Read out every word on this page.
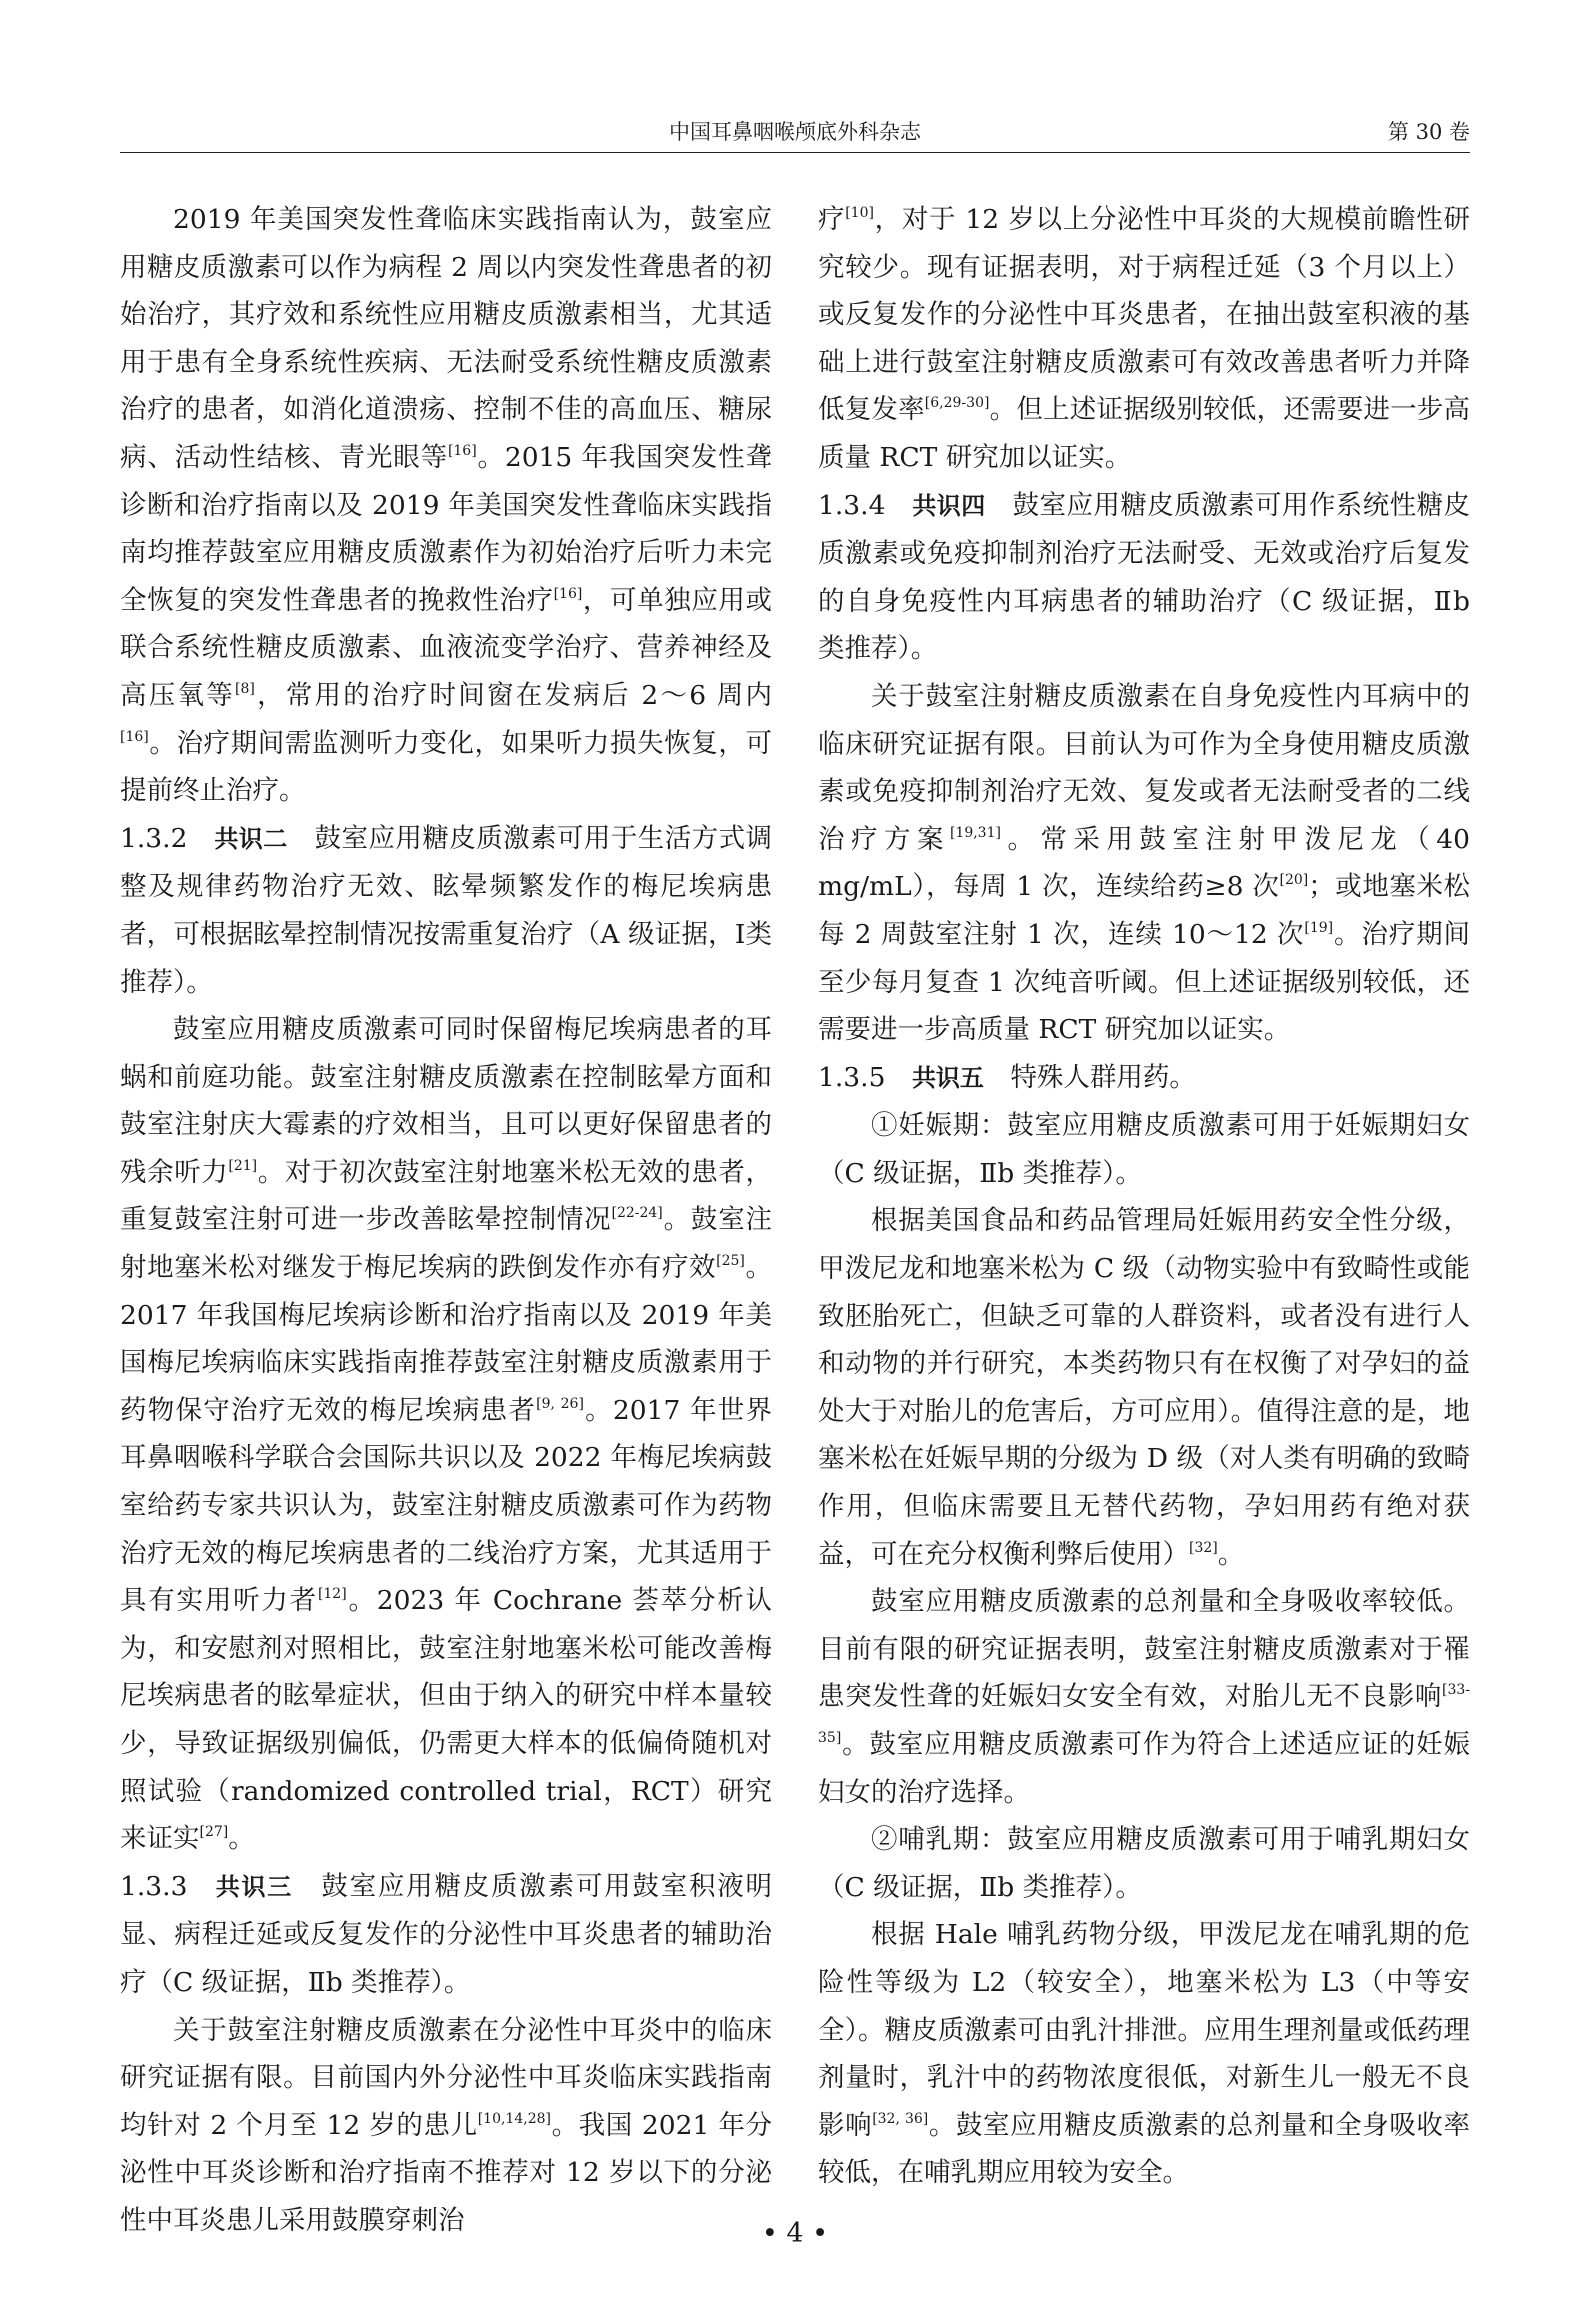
中国耳鼻咽喉颅底外科杂志	第 30 卷

2019 年美国突发性聋临床实践指南认为，鼓室应用糖皮质激素可以作为病程 2 周以内突发性聋患者的初始治疗，其疗效和系统性应用糖皮质激素相当，尤其适用于患有全身系统性疾病、无法耐受系统性糖皮质激素治疗的患者，如消化道溃疡、控制不佳的高血压、糖尿病、活动性结核、青光眼等[16]。2015 年我国突发性聋诊断和治疗指南以及 2019 年美国突发性聋临床实践指南均推荐鼓室应用糖皮质激素作为初始治疗后听力未完全恢复的突发性聋患者的挽救性治疗[16]，可单独应用或联合系统性糖皮质激素、血液流变学治疗、营养神经及高压氧等[8]，常用的治疗时间窗在发病后 2～6 周内[16]。治疗期间需监测听力变化，如果听力损失恢复，可提前终止治疗。

1.3.2  共识二  鼓室应用糖皮质激素可用于生活方式调整及规律药物治疗无效、眩晕频繁发作的梅尼埃病患者，可根据眩晕控制情况按需重复治疗（A 级证据，Ⅰ类推荐）。

鼓室应用糖皮质激素可同时保留梅尼埃病患者的耳蜗和前庭功能。鼓室注射糖皮质激素在控制眩晕方面和鼓室注射庆大霉素的疗效相当，且可以更好保留患者的残余听力[21]。对于初次鼓室注射地塞米松无效的患者，重复鼓室注射可进一步改善眩晕控制情况[22-24]。鼓室注射地塞米松对继发于梅尼埃病的跌倒发作亦有疗效[25]。2017 年我国梅尼埃病诊断和治疗指南以及 2019 年美国梅尼埃病临床实践指南推荐鼓室注射糖皮质激素用于药物保守治疗无效的梅尼埃病患者[9, 26]。2017 年世界耳鼻咽喉科学联合会国际共识以及 2022 年梅尼埃病鼓室给药专家共识认为，鼓室注射糖皮质激素可作为药物治疗无效的梅尼埃病患者的二线治疗方案，尤其适用于具有实用听力者[12]。2023 年 Cochrane 荟萃分析认为，和安慰剂对照相比，鼓室注射地塞米松可能改善梅尼埃病患者的眩晕症状，但由于纳入的研究中样本量较少，导致证据级别偏低，仍需更大样本的低偏倚随机对照试验（randomized controlled trial，RCT）研究来证实[27]。

1.3.3  共识三  鼓室应用糖皮质激素可用鼓室积液明显、病程迁延或反复发作的分泌性中耳炎患者的辅助治疗（C 级证据，Ⅱb 类推荐）。

关于鼓室注射糖皮质激素在分泌性中耳炎中的临床研究证据有限。目前国内外分泌性中耳炎临床实践指南均针对 2 个月至 12 岁的患儿[10,14,28]。我国 2021 年分泌性中耳炎诊断和治疗指南不推荐对 12 岁以下的分泌性中耳炎患儿采用鼓膜穿刺治

疗[10]，对于 12 岁以上分泌性中耳炎的大规模前瞻性研究较少。现有证据表明，对于病程迁延（3 个月以上）或反复发作的分泌性中耳炎患者，在抽出鼓室积液的基础上进行鼓室注射糖皮质激素可有效改善患者听力并降低复发率[6,29-30]。但上述证据级别较低，还需要进一步高质量 RCT 研究加以证实。

1.3.4  共识四  鼓室应用糖皮质激素可用作系统性糖皮质激素或免疫抑制剂治疗无法耐受、无效或治疗后复发的自身免疫性内耳病患者的辅助治疗（C 级证据，Ⅱb 类推荐）。

关于鼓室注射糖皮质激素在自身免疫性内耳病中的临床研究证据有限。目前认为可作为全身使用糖皮质激素或免疫抑制剂治疗无效、复发或者无法耐受者的二线治疗方案[19,31]。常采用鼓室注射甲泼尼龙（40 mg/mL），每周 1 次，连续给药≥8 次[20]；或地塞米松每 2 周鼓室注射 1 次，连续 10～12 次[19]。治疗期间至少每月复查 1 次纯音听阈。但上述证据级别较低，还需要进一步高质量 RCT 研究加以证实。

1.3.5  共识五  特殊人群用药。

①妊娠期：鼓室应用糖皮质激素可用于妊娠期妇女（C 级证据，Ⅱb 类推荐）。

根据美国食品和药品管理局妊娠用药安全性分级，甲泼尼龙和地塞米松为 C 级（动物实验中有致畸性或能致胚胎死亡，但缺乏可靠的人群资料，或者没有进行人和动物的并行研究，本类药物只有在权衡了对孕妇的益处大于对胎儿的危害后，方可应用）。值得注意的是，地塞米松在妊娠早期的分级为 D 级（对人类有明确的致畸作用，但临床需要且无替代药物，孕妇用药有绝对获益，可在充分权衡利弊后使用）[32]。

鼓室应用糖皮质激素的总剂量和全身吸收率较低。目前有限的研究证据表明，鼓室注射糖皮质激素对于罹患突发性聋的妊娠妇女安全有效，对胎儿无不良影响[33-35]。鼓室应用糖皮质激素可作为符合上述适应证的妊娠妇女的治疗选择。

②哺乳期：鼓室应用糖皮质激素可用于哺乳期妇女（C 级证据，Ⅱb 类推荐）。

根据 Hale 哺乳药物分级，甲泼尼龙在哺乳期的危险性等级为 L2（较安全），地塞米松为 L3（中等安全）。糖皮质激素可由乳汁排泄。应用生理剂量或低药理剂量时，乳汁中的药物浓度很低，对新生儿一般无不良影响[32, 36]。鼓室应用糖皮质激素的总剂量和全身吸收率较低，在哺乳期应用较为安全。

• 4 •
